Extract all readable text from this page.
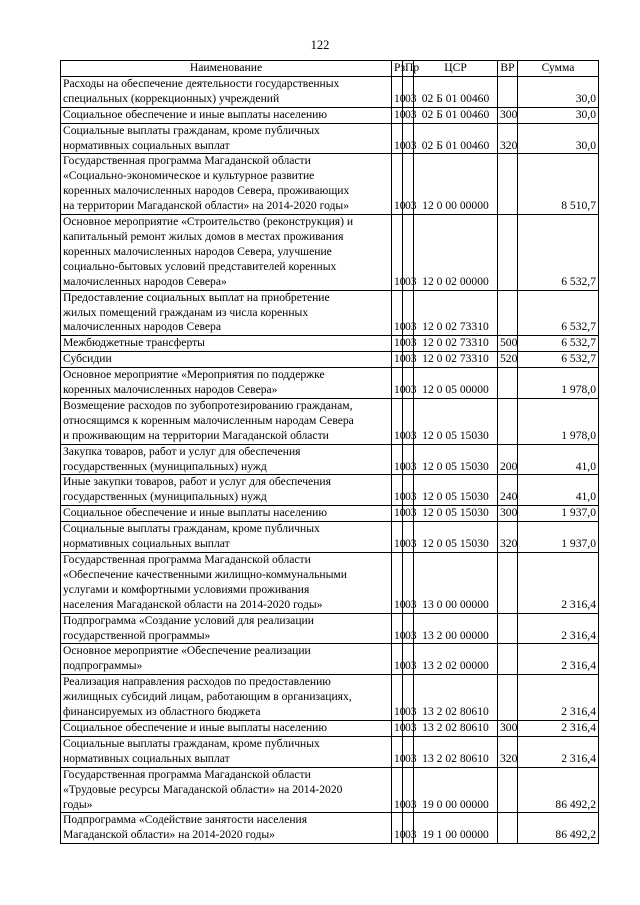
122
Наименование	Рз	Пр	ЦСР	ВР	Сумма
Расходы на обеспечение деятельности государственных
специальных (коррекционных) учреждений	10	03	02 Б 01 00460		30,0
Социальное обеспечение и иные выплаты населению	10	03	02 Б 01 00460	300	30,0
Социальные выплаты гражданам, кроме публичных
нормативных социальных выплат	10	03	02 Б 01 00460	320	30,0
Государственная программа Магаданской области
«Социально-экономическое и культурное развитие
коренных малочисленных народов Севера, проживающих
на территории Магаданской области» на 2014-2020 годы»	10	03	12 0 00 00000		8 510,7
Основное мероприятие «Строительство (реконструкция) и
капитальный ремонт жилых домов в местах проживания
коренных малочисленных народов Севера, улучшение
социально-бытовых условий представителей коренных
малочисленных народов Севера»	10	03	12 0 02 00000		6 532,7
Предоставление социальных выплат на приобретение
жилых помещений гражданам из числа коренных
малочисленных народов Севера	10	03	12 0 02 73310		6 532,7
Межбюджетные трансферты	10	03	12 0 02 73310	500	6 532,7
Субсидии	10	03	12 0 02 73310	520	6 532,7
Основное мероприятие «Мероприятия по поддержке
коренных малочисленных народов Севера»	10	03	12 0 05 00000		1 978,0
Возмещение расходов по зубопротезированию гражданам,
относящимся к коренным малочисленным народам Севера
и проживающим на территории Магаданской области	10	03	12 0 05 15030		1 978,0
Закупка товаров, работ и услуг для обеспечения
государственных (муниципальных) нужд	10	03	12 0 05 15030	200	41,0
Иные закупки товаров, работ и услуг для обеспечения
государственных (муниципальных) нужд	10	03	12 0 05 15030	240	41,0
Социальное обеспечение и иные выплаты населению	10	03	12 0 05 15030	300	1 937,0
Социальные выплаты гражданам, кроме публичных
нормативных социальных выплат	10	03	12 0 05 15030	320	1 937,0
Государственная программа Магаданской области
«Обеспечение качественными жилищно-коммунальными
услугами и комфортными условиями проживания
населения Магаданской области на 2014-2020 годы»	10	03	13 0 00 00000		2 316,4
Подпрограмма «Создание условий для реализации
государственной программы»	10	03	13 2 00 00000		2 316,4
Основное мероприятие «Обеспечение реализации
подпрограммы»	10	03	13 2 02 00000		2 316,4
Реализация направления расходов по предоставлению
жилищных субсидий лицам, работающим в организациях,
финансируемых из областного бюджета	10	03	13 2 02 80610		2 316,4
Социальное обеспечение и иные выплаты населению	10	03	13 2 02 80610	300	2 316,4
Социальные выплаты гражданам, кроме публичных
нормативных социальных выплат	10	03	13 2 02 80610	320	2 316,4
Государственная программа Магаданской области
«Трудовые ресурсы Магаданской области» на 2014-2020
годы»	10	03	19 0 00 00000		86 492,2
Подпрограмма «Содействие занятости населения
Магаданской области» на 2014-2020 годы»	10	03	19 1 00 00000		86 492,2
